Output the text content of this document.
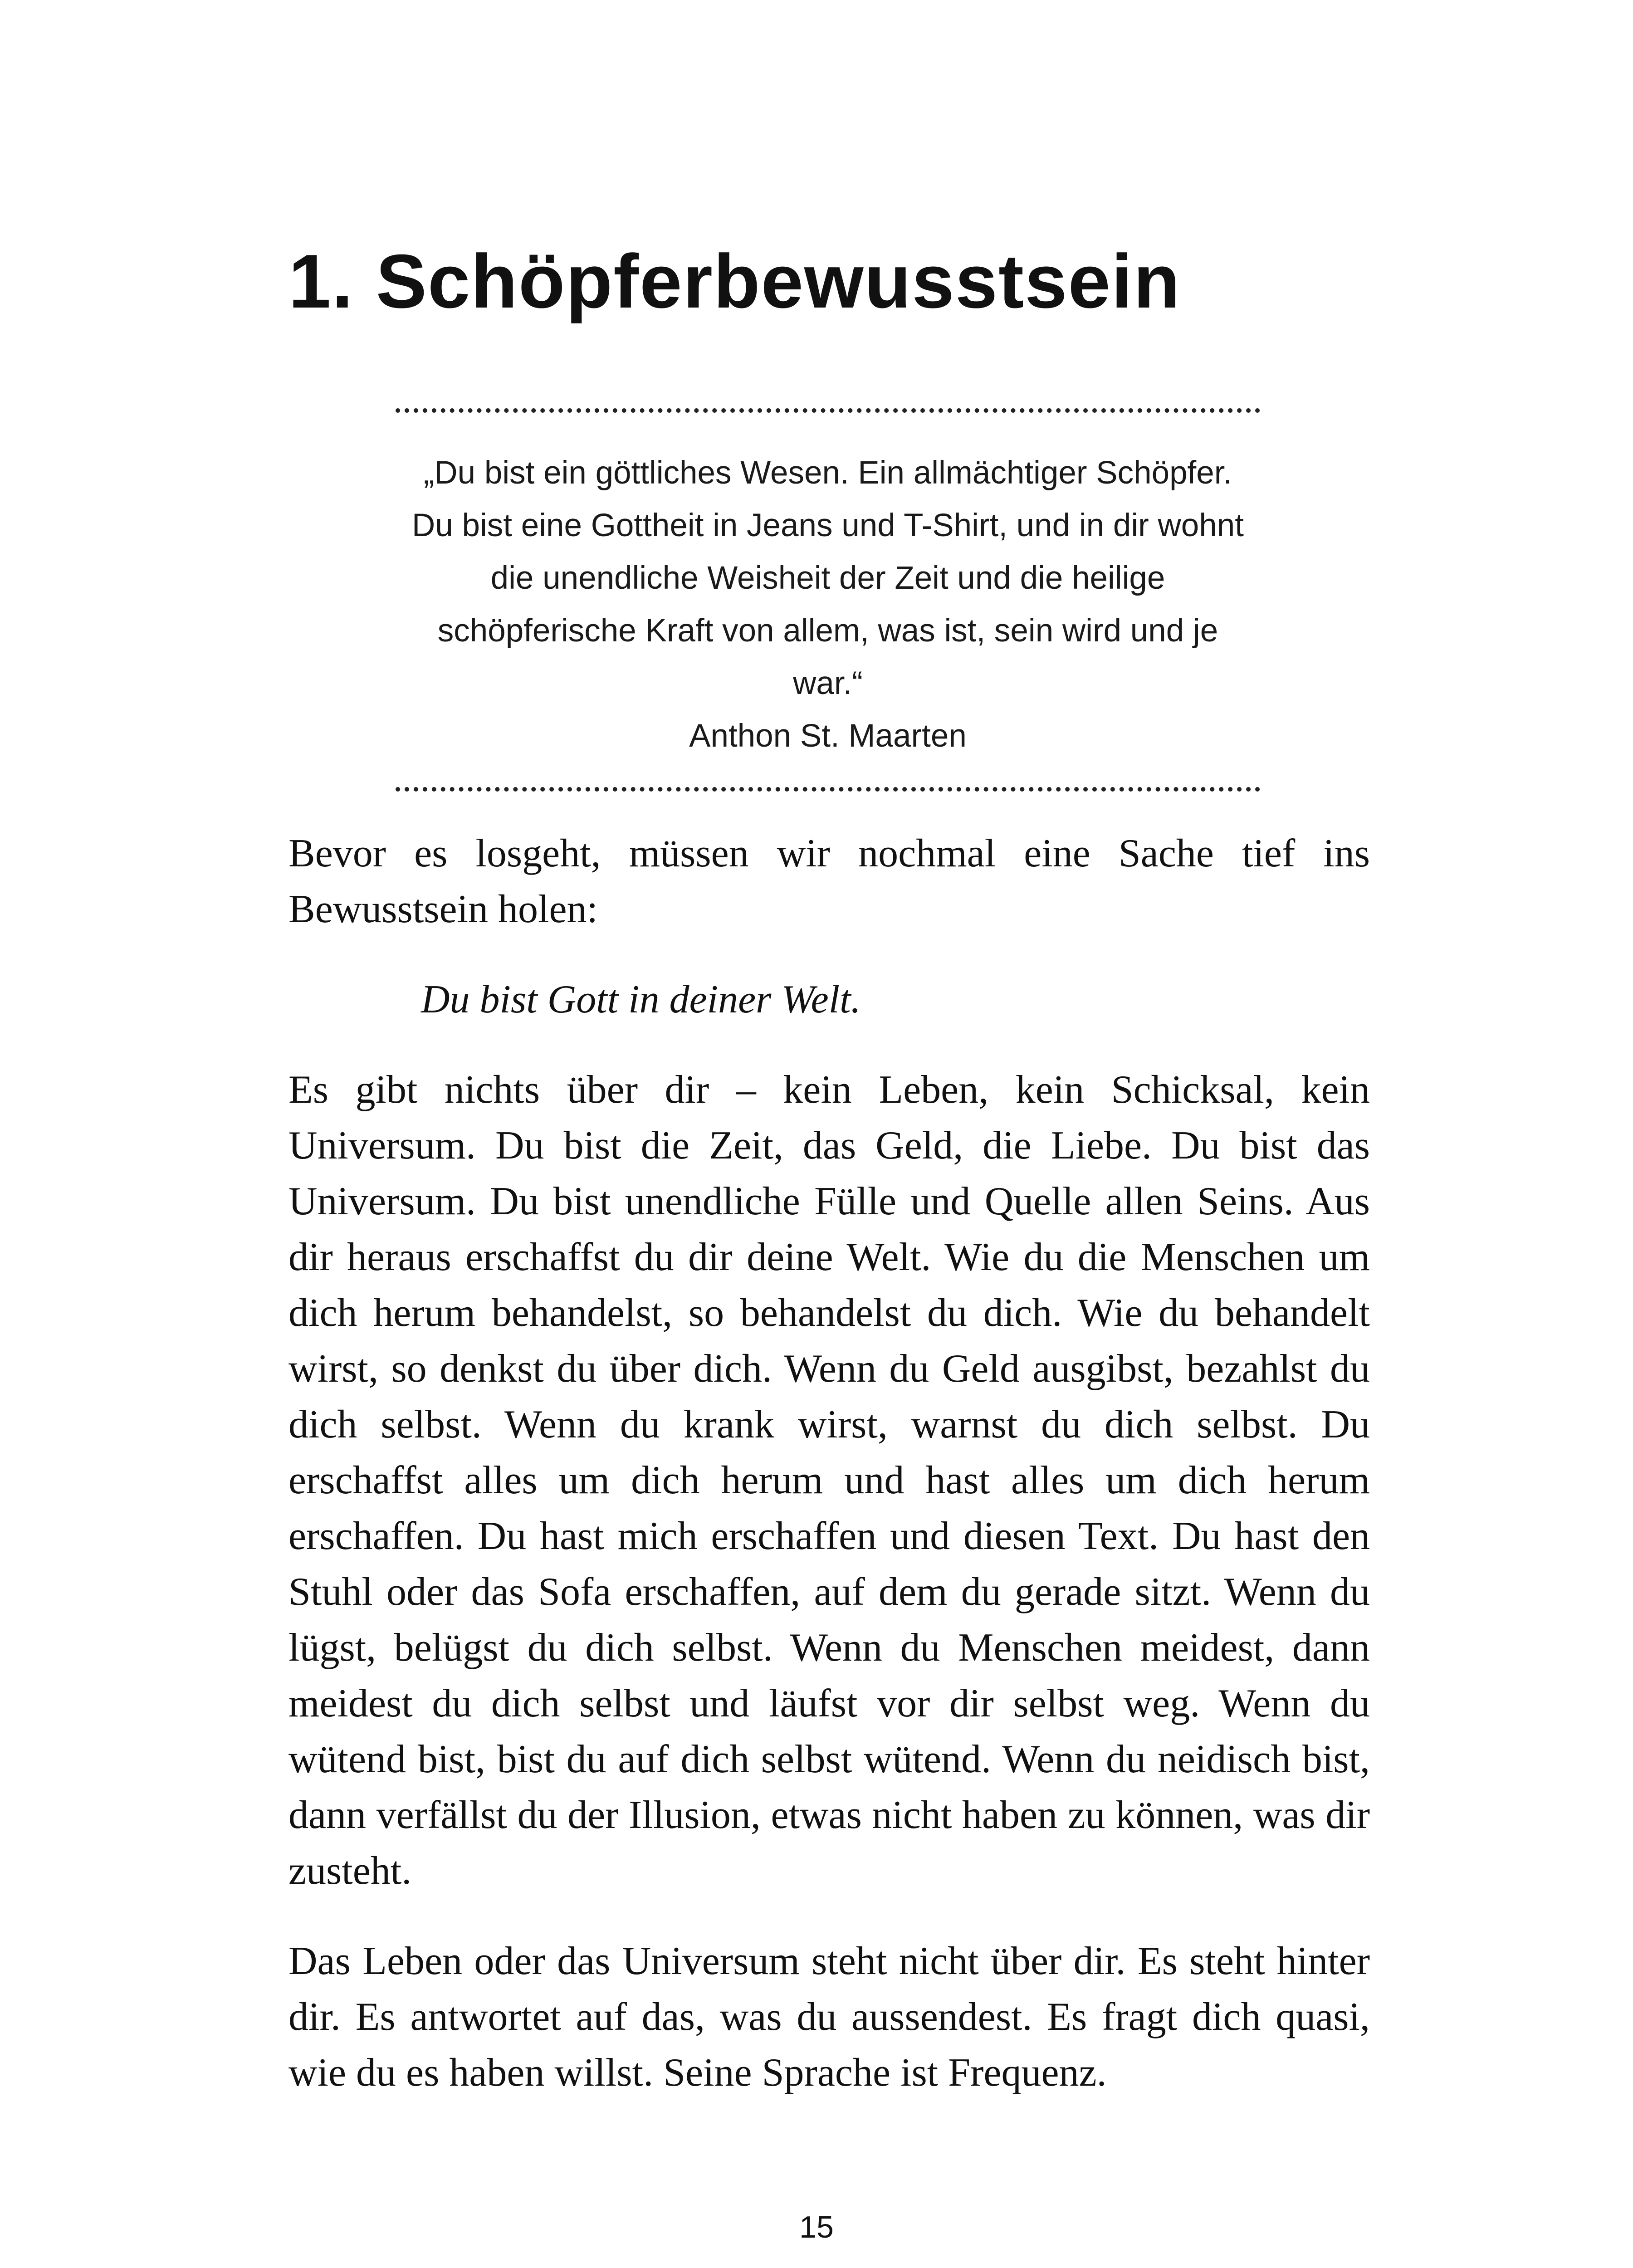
1. Schöpferbewusstsein

„Du bist ein göttliches Wesen. Ein allmächtiger Schöpfer. Du bist eine Gottheit in Jeans und T-Shirt, und in dir wohnt die unendliche Weisheit der Zeit und die heilige schöpferische Kraft von allem, was ist, sein wird und je war.“

Anthon St. Maarten

Bevor es losgeht, müssen wir nochmal eine Sache tief ins Bewusstsein holen:

Du bist Gott in deiner Welt.

Es gibt nichts über dir – kein Leben, kein Schicksal, kein Universum. Du bist die Zeit, das Geld, die Liebe. Du bist das Universum. Du bist unendliche Fülle und Quelle allen Seins. Aus dir heraus erschaffst du dir deine Welt. Wie du die Menschen um dich herum behandelst, so behandelst du dich. Wie du behandelt wirst, so denkst du über dich. Wenn du Geld ausgibst, bezahlst du dich selbst. Wenn du krank wirst, warnst du dich selbst. Du erschaffst alles um dich herum und hast alles um dich herum erschaffen. Du hast mich erschaffen und diesen Text. Du hast den Stuhl oder das Sofa erschaffen, auf dem du gerade sitzt. Wenn du lügst, belügst du dich selbst. Wenn du Menschen meidest, dann meidest du dich selbst und läufst vor dir selbst weg. Wenn du wütend bist, bist du auf dich selbst wütend. Wenn du neidisch bist, dann verfällst du der Illusion, etwas nicht haben zu können, was dir zusteht.

Das Leben oder das Universum steht nicht über dir. Es steht hinter dir. Es antwortet auf das, was du aussendest. Es fragt dich quasi, wie du es haben willst. Seine Sprache ist Frequenz.

15
